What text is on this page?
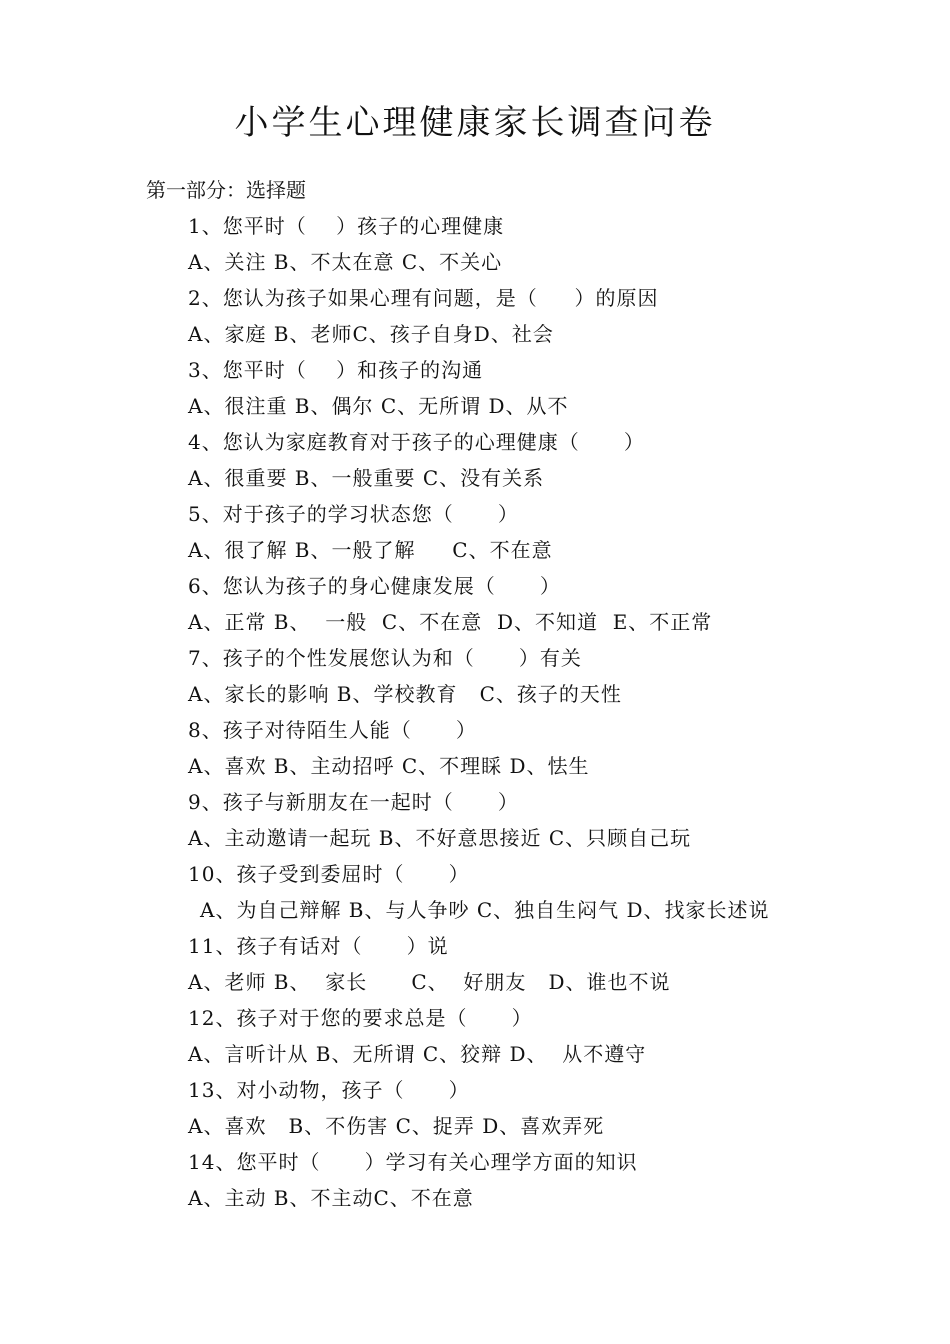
小学生心理健康家长调查问卷
第一部分：选择题
1、您平时（    ）孩子的心理健康
A、关注 B、不太在意 C、不关心
2、您认为孩子如果心理有问题，是（     ）的原因
A、家庭 B、老师C、孩子自身D、社会
3、您平时（    ）和孩子的沟通
A、很注重 B、偶尔 C、无所谓 D、从不
4、您认为家庭教育对于孩子的心理健康（      ）
A、很重要 B、一般重要 C、没有关系
5、对于孩子的学习状态您（      ）
A、很了解 B、一般了解     C、不在意
6、您认为孩子的身心健康发展（      ）
A、正常 B、  一般  C、不在意  D、不知道  E、不正常
7、孩子的个性发展您认为和（      ）有关
A、家长的影响 B、学校教育   C、孩子的天性
8、孩子对待陌生人能（      ）
A、喜欢 B、主动招呼 C、不理睬 D、怯生
9、孩子与新朋友在一起时（      ）
A、主动邀请一起玩 B、不好意思接近 C、只顾自己玩
10、孩子受到委屈时（      ）
A、为自己辩解 B、与人争吵 C、独自生闷气 D、找家长述说
11、孩子有话对（      ）说
A、老师 B、  家长      C、  好朋友   D、谁也不说
12、孩子对于您的要求总是（      ）
A、言听计从 B、无所谓 C、狡辩 D、  从不遵守
13、对小动物，孩子（      ）
A、喜欢   B、不伤害 C、捉弄 D、喜欢弄死
14、您平时（      ）学习有关心理学方面的知识
A、主动 B、不主动C、不在意
